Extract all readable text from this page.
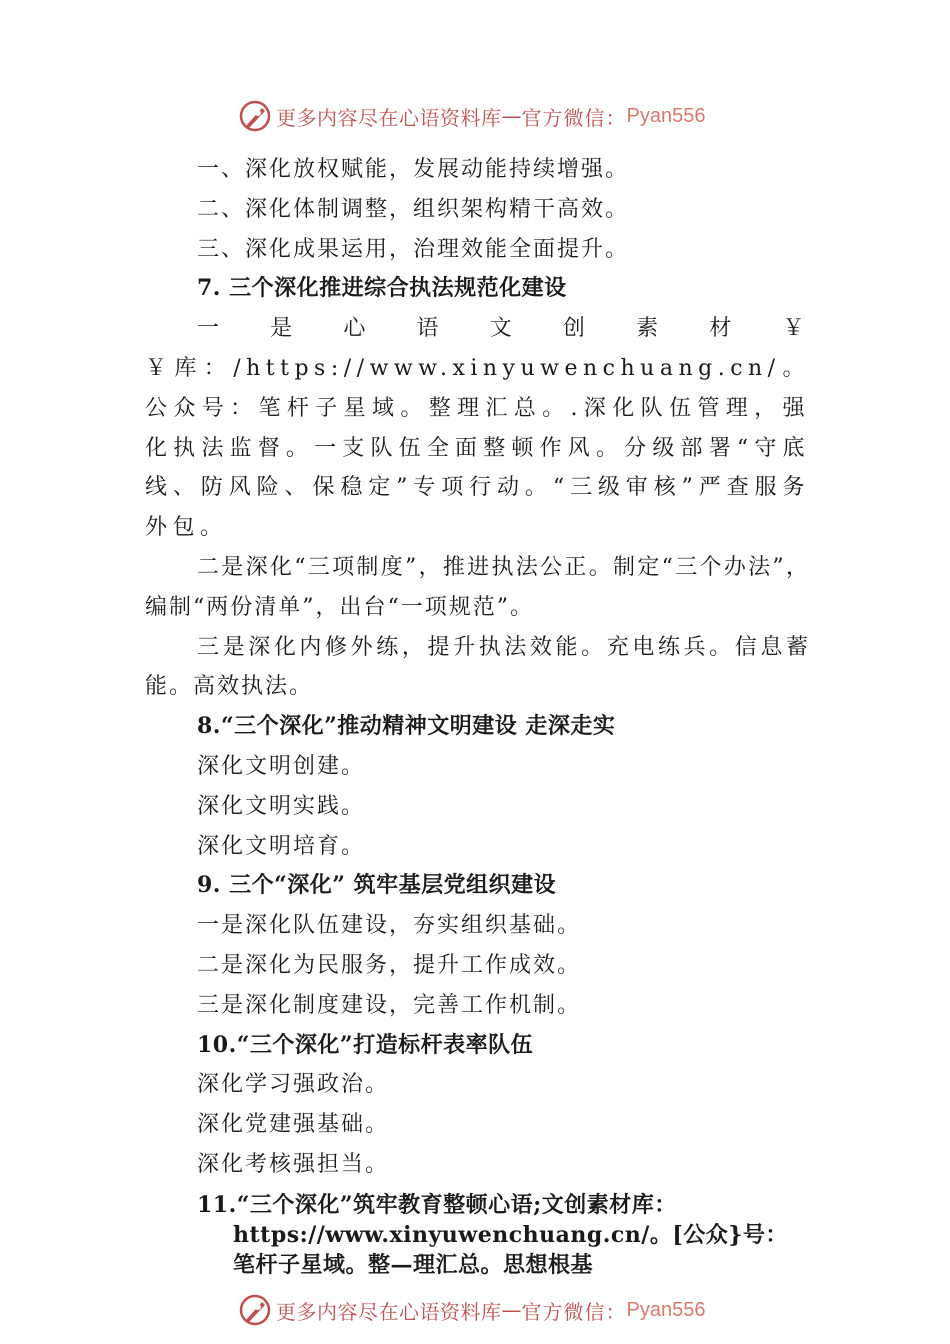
更多内容尽在心语资料库 — 官方微信： Pyan556

一、深化放权赋能，发展动能持续增强。

二、深化体制调整，组织架构精干高效。

三、深化成果运用，治理效能全面提升。

7. 三个深化推进综合执法规范化建设

一是心语文创素材￥￥库：/https://www.xinyuwenchuang.cn/。公众号：笔杆子星域。整理汇总。.深化队伍管理，强化执法监督。一支队伍全面整顿作风。分级部署“守底线、防风险、保稳定”专项行动。“三级审核”严查服务外包。

二是深化“三项制度”，推进执法公正。制定“三个办法”，编制“两份清单”，出台“一项规范”。

三是深化内修外练，提升执法效能。充电练兵。信息蓄能。高效执法。

8.“三个深化”推动精神文明建设 走深走实

深化文明创建。

深化文明实践。

深化文明培育。

9. 三个“深化” 筑牢基层党组织建设

一是深化队伍建设，夯实组织基础。

二是深化为民服务，提升工作成效。

三是深化制度建设，完善工作机制。

10.“三个深化”打造标杆表率队伍

深化学习强政治。

深化党建强基础。

深化考核强担当。

11.“三个深化”筑牢教育整顿心语;文创素材库：https://www.xinyuwenchuang.cn/。[公众}号：笔杆子星域。整—理汇总。思想根基

更多内容尽在心语资料库 — 官方微信： Pyan556
